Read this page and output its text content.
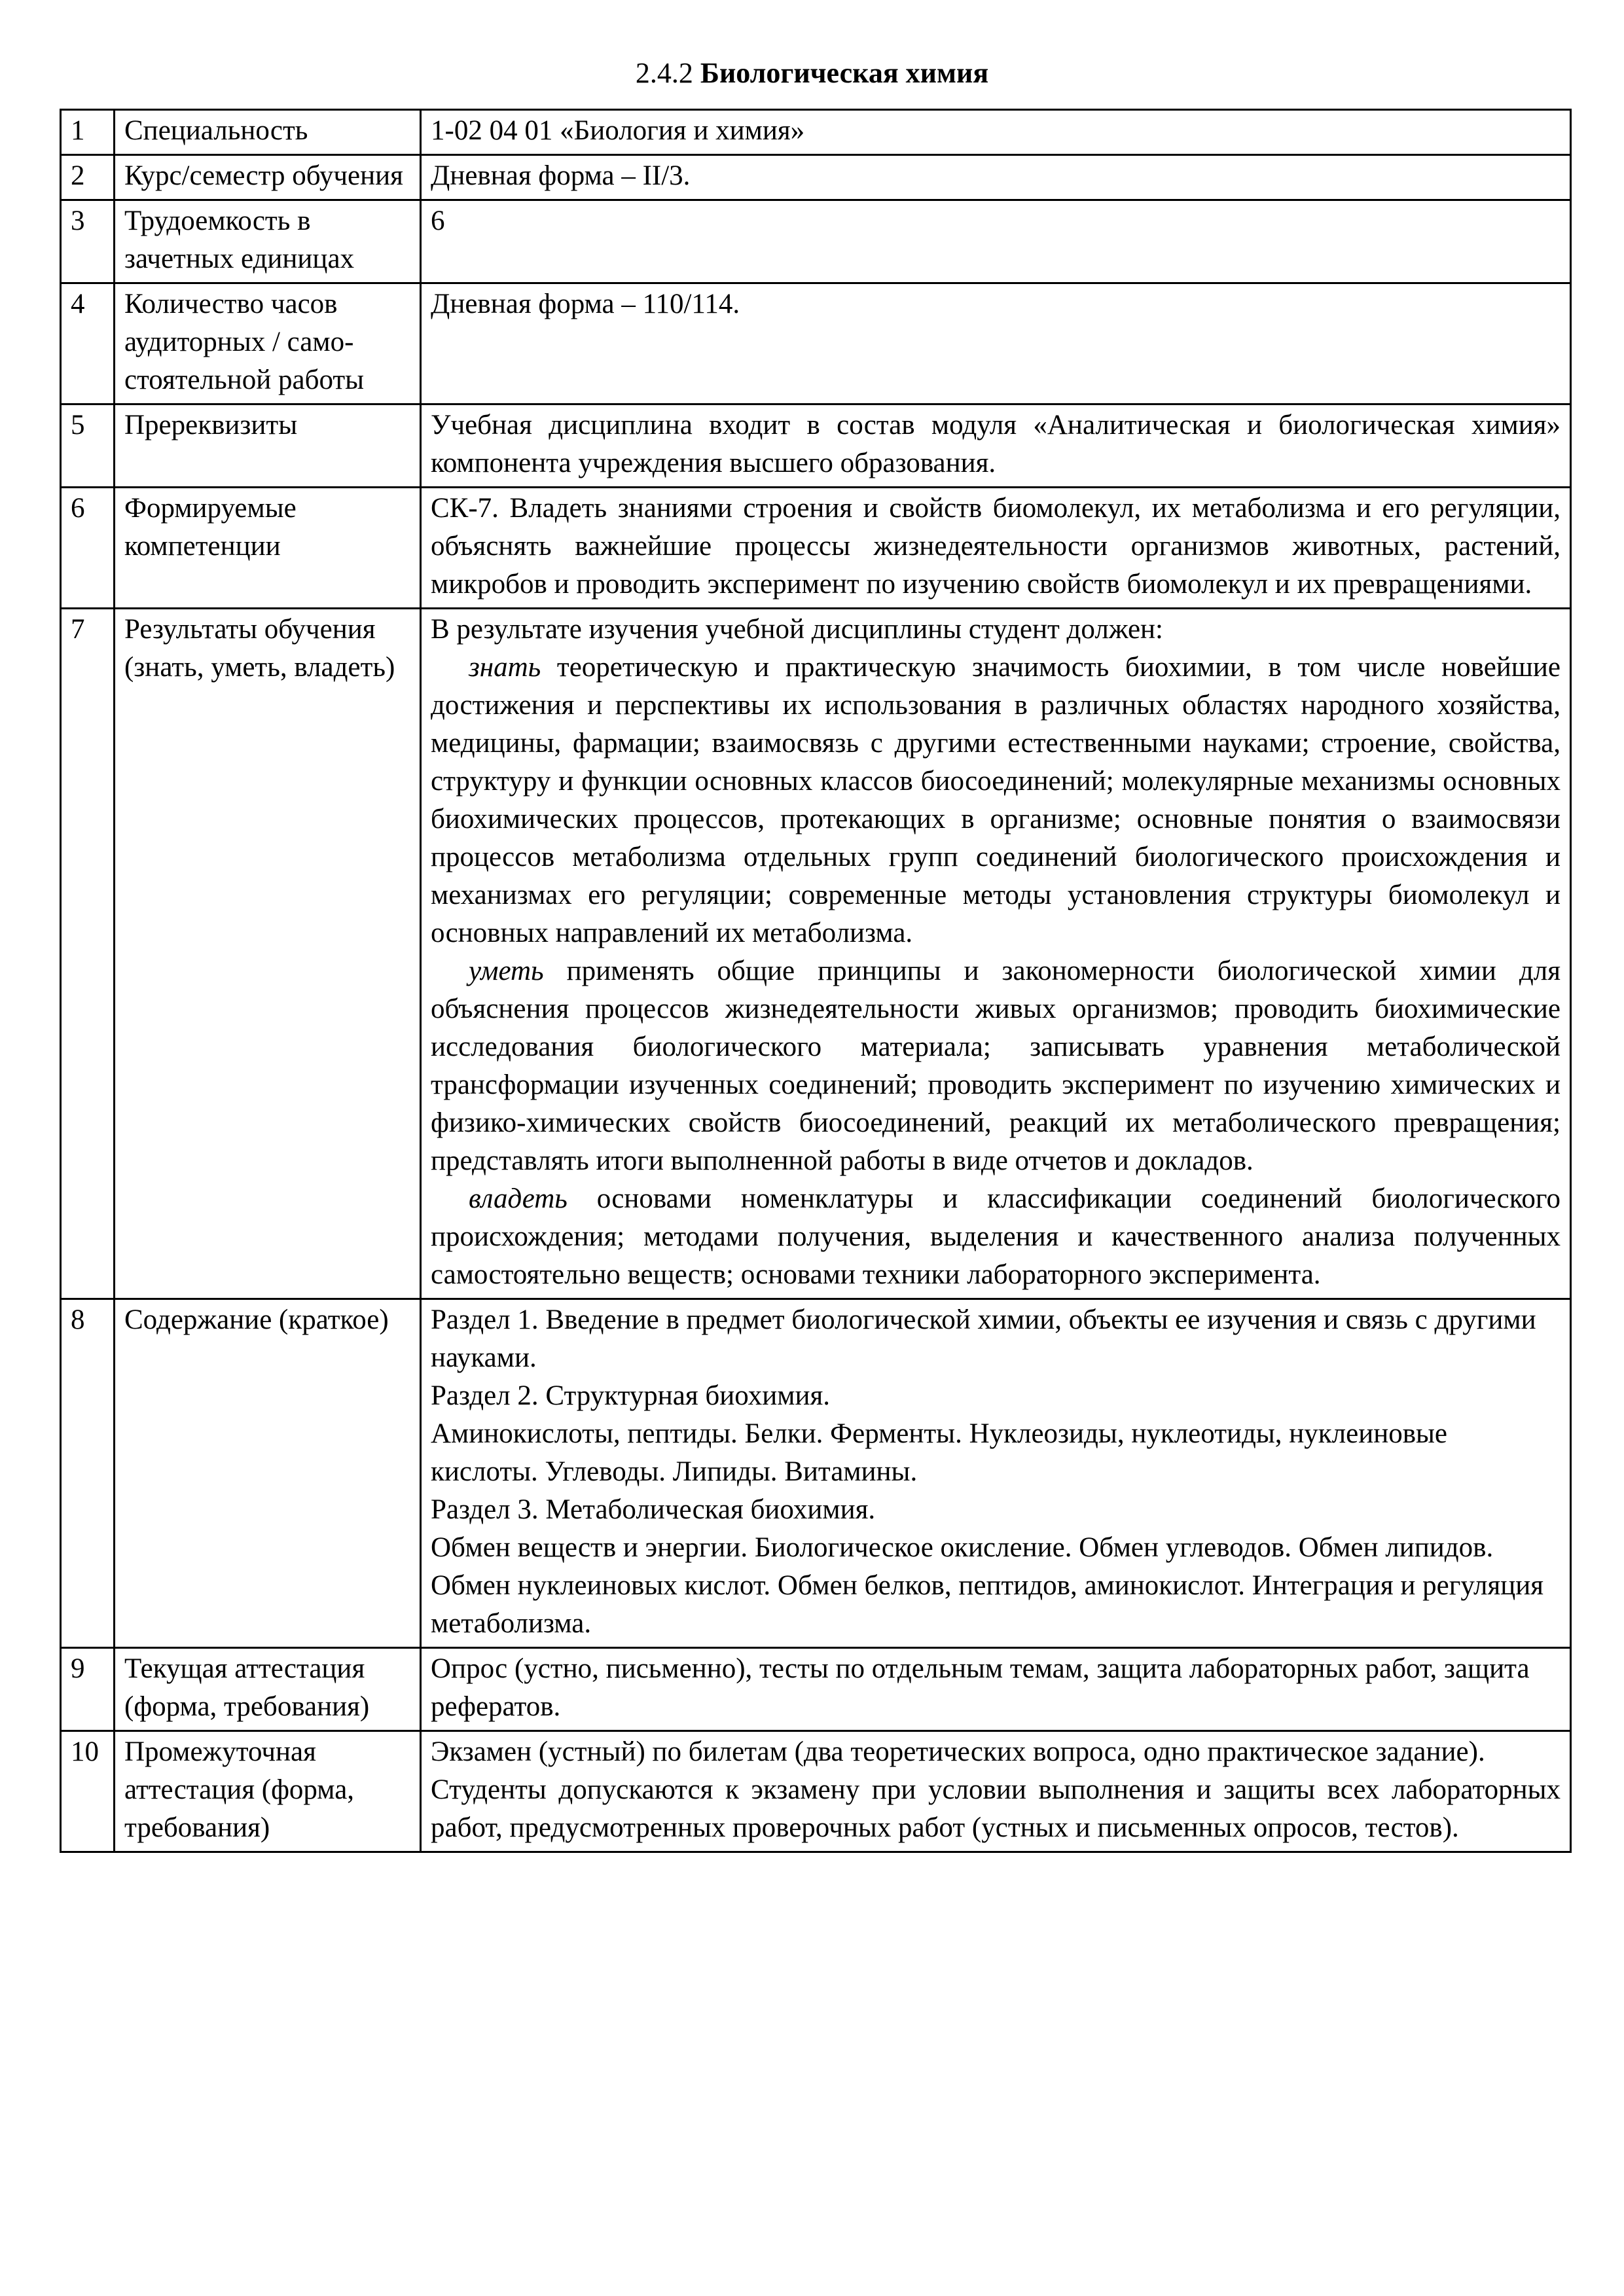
2.4.2 Биологическая химия
1	Специальность	1-02 04 01 «Биология и химия»
2	Курс/семестр обучения	Дневная форма – II/3.
3	Трудоемкость в зачетных единицах	6
4	Количество часов аудиторных / само-стоятельной работы	Дневная форма – 110/114.
5	Пререквизиты	Учебная дисциплина входит в состав модуля «Аналитическая и биологическая химия» компонента учреждения высшего образования.
6	Формируемые компетенции	СК-7. Владеть знаниями строения и свойств биомолекул, их метаболизма и его регуляции, объяснять важнейшие процессы жизнедеятельности организмов животных, растений, микробов и проводить эксперимент по изучению свойств биомолекул и их превращениями.
7	Результаты обучения (знать, уметь, владеть)	В результате изучения учебной дисциплины студент должен:

знать теоретическую и практическую значимость биохимии, в том числе новейшие достижения и перспективы их использования в различных областях народного хозяйства, медицины, фармации; взаимосвязь с другими естественными науками; строение, свойства, структуру и функции основных классов биосоединений; молекулярные механизмы основных биохимических процессов, протекающих в организме; основные понятия о взаимосвязи процессов метаболизма отдельных групп соединений биологического происхождения и механизмах его регуляции; современные методы установления структуры биомолекул и основных направлений их метаболизма.

уметь применять общие принципы и закономерности биологической химии для объяснения процессов жизнедеятельности живых организмов; проводить биохимические исследования биологического материала; записывать уравнения метаболической трансформации изученных соединений; проводить эксперимент по изучению химических и физико-химических свойств биосоединений, реакций их метаболического превращения; представлять итоги выполненной работы в виде отчетов и докладов.

владеть основами номенклатуры и классификации соединений биологического происхождения; методами получения, выделения и качественного анализа полученных самостоятельно веществ; основами техники лабораторного эксперимента.

8	Содержание (краткое)	Раздел 1. Введение в предмет биологической химии, объекты ее изучения и связь с другими науками.

Раздел 2. Структурная биохимия.

Аминокислоты, пептиды. Белки. Ферменты. Нуклеозиды, нуклеотиды, нуклеиновые кислоты. Углеводы. Липиды. Витамины.

Раздел 3. Метаболическая биохимия.

Обмен веществ и энергии. Биологическое окисление. Обмен углеводов. Обмен липидов. Обмен нуклеиновых кислот. Обмен белков, пептидов, аминокислот. Интеграция и регуляция метаболизма.

9	Текущая аттестация (форма, требования)	Опрос (устно, письменно), тесты по отдельным темам, защита лабораторных работ, защита рефератов.
10	Промежуточная аттестация (форма, требования)	Экзамен (устный) по билетам (два теоретических вопроса, одно практическое задание).

Студенты допускаются к экзамену при условии выполнения и защиты всех лабораторных работ, предусмотренных проверочных работ (устных и письменных опросов, тестов).
